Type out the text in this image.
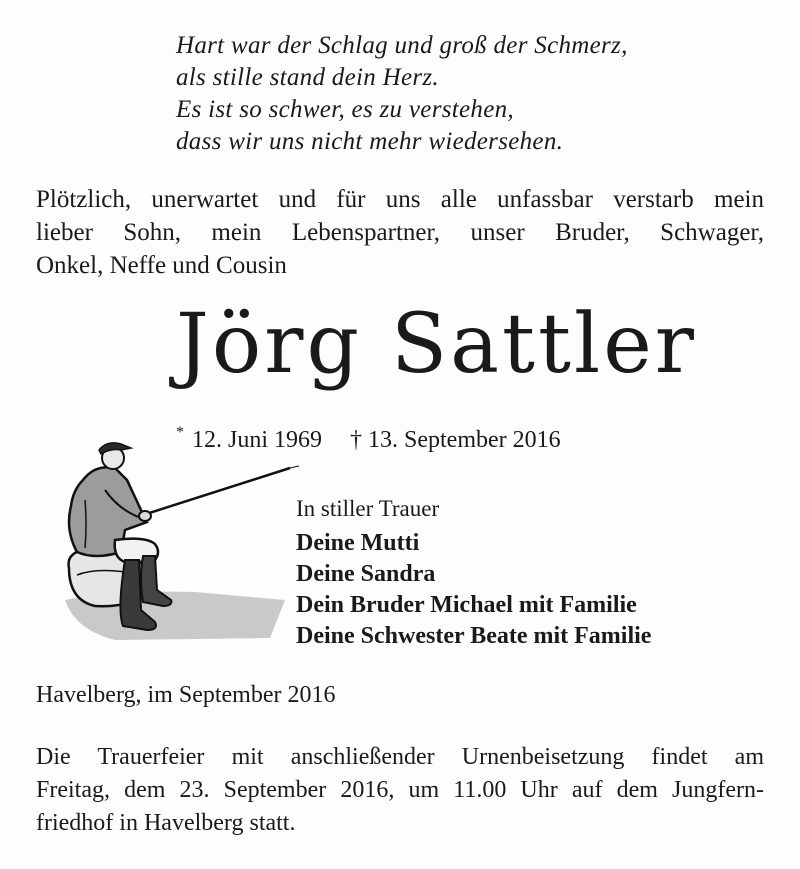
Hart war der Schlag und groß der Schmerz,
als stille stand dein Herz.
Es ist so schwer, es zu verstehen,
dass wir uns nicht mehr wiedersehen.
Plötzlich, unerwartet und für uns alle unfassbar verstarb mein
lieber Sohn, mein Lebenspartner, unser Bruder, Schwager,
Onkel, Neffe und Cousin
Jörg Sattler
* 12. Juni 1969 † 13. September 2016
In stiller Trauer
Deine Mutti
Deine Sandra
Dein Bruder Michael mit Familie
Deine Schwester Beate mit Familie
Havelberg, im September 2016
Die Trauerfeier mit anschließender Urnenbeisetzung findet am
Freitag, dem 23. September 2016, um 11.00 Uhr auf dem Jungfern-
friedhof in Havelberg statt.
